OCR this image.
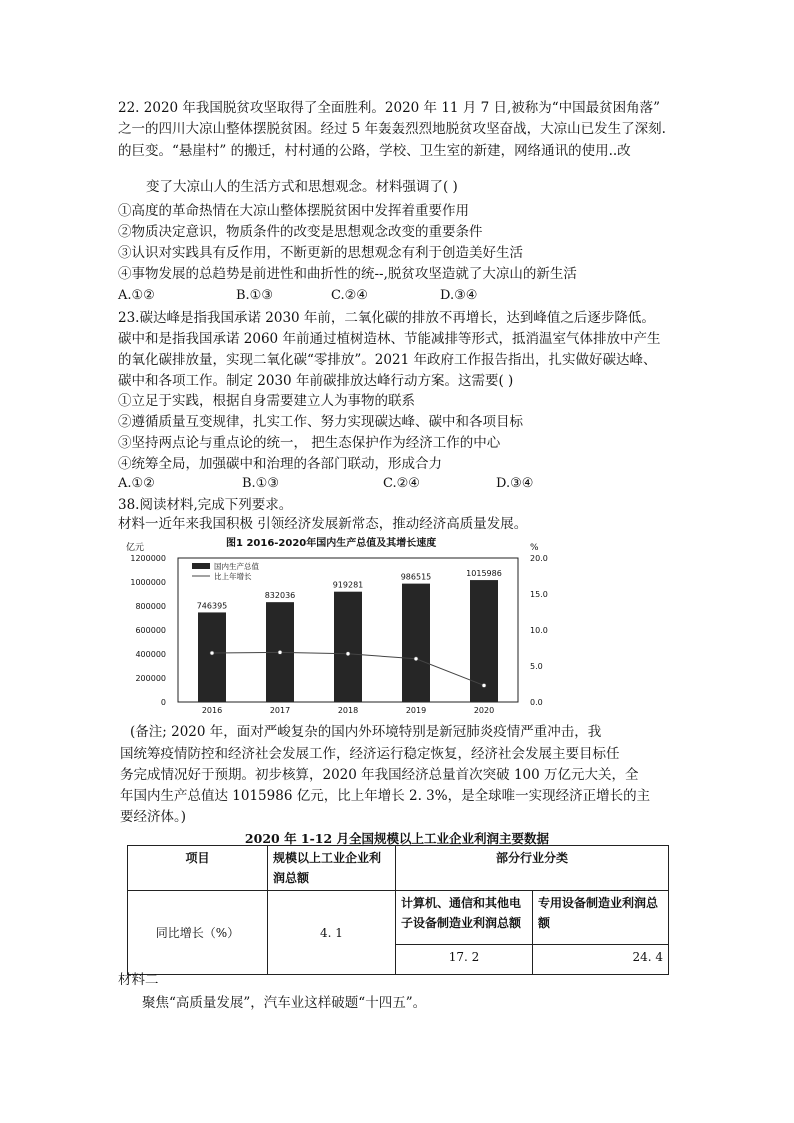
22. 2020 年我国脱贫攻坚取得了全面胜利。2020 年 11 月 7 日,被称为“中国最贫困角落”
之一的四川大凉山整体摆脱贫困。经过 5 年轰轰烈烈地脱贫攻坚奋战，大凉山已发生了深刻.
的巨变。“悬崖村” 的搬迁，村村通的公路，学校、卫生室的新建，网络通讯的使用..改
变了大凉山人的生活方式和思想观念。材料强调了( )
①高度的革命热情在大凉山整体摆脱贫困中发挥着重要作用
②物质决定意识，物质条件的改变是思想观念改变的重要条件
③认识对实践具有反作用，不断更新的思想观念有利于创造美好生活
④事物发展的总趋势是前进性和曲折性的统--,脱贫攻坚造就了大凉山的新生活
A.①②	B.①③	C.②④	D.③④
23.碳达峰是指我国承诺 2030 年前，二氧化碳的排放不再增长，达到峰值之后逐步降低。
碳中和是指我国承诺 2060 年前通过植树造林、节能减排等形式，抵消温室气体排放中产生
的氧化碳排放量，实现二氧化碳“零排放”。2021 年政府工作报告指出，扎实做好碳达峰、
碳中和各项工作。制定 2030 年前碳排放达峰行动方案。这需要( )
①立足于实践，根据自身需要建立人为事物的联系
②遵循质量互变规律，扎实工作、努力实现碳达峰、碳中和各项目标
③坚持两点论与重点论的统一， 把生态保护作为经济工作的中心
④统筹全局，加强碳中和治理的各部门联动，形成合力
A.①②	B.①③	C.②④	D.③④
38.阅读材料,完成下列要求。
材料一近年来我国积极 引领经济发展新常态，推动经济高质量发展。
图1 2016-2020年国内生产总值及其增长速度
亿元	%
1200000
1000000
800000
600000
400000
200000
0
20.0
15.0
10.0
5.0
0.0
746395
2016
832036
2017
919281
2018
986515
2019
1015986
2020
国内生产总值
比上年增长
(备注; 2020 年，面对严峻复杂的国内外环境特别是新冠肺炎疫情严重冲击，我
国统筹疫情防控和经济社会发展工作，经济运行稳定恢复，经济社会发展主要目标任
务完成情况好于预期。初步核算，2020 年我国经济总量首次突破 100 万亿元大关，全
年国内生产总值达 1015986 亿元，比上年增长 2. 3%，是全球唯一实现经济正增长的主
要经济体。)
2020 年 1-12 月全国规模以上工业企业利润主要数据
项目	规模以上工业企业利润总额	部分行业分类	

同比增长（%）	4. 1	计算机、通信和其他电子设备制造业利润总额	专用设备制造业利润总额
		17. 2	24. 4
材料二
聚焦“高质量发展”，汽车业这样破题“十四五”。
